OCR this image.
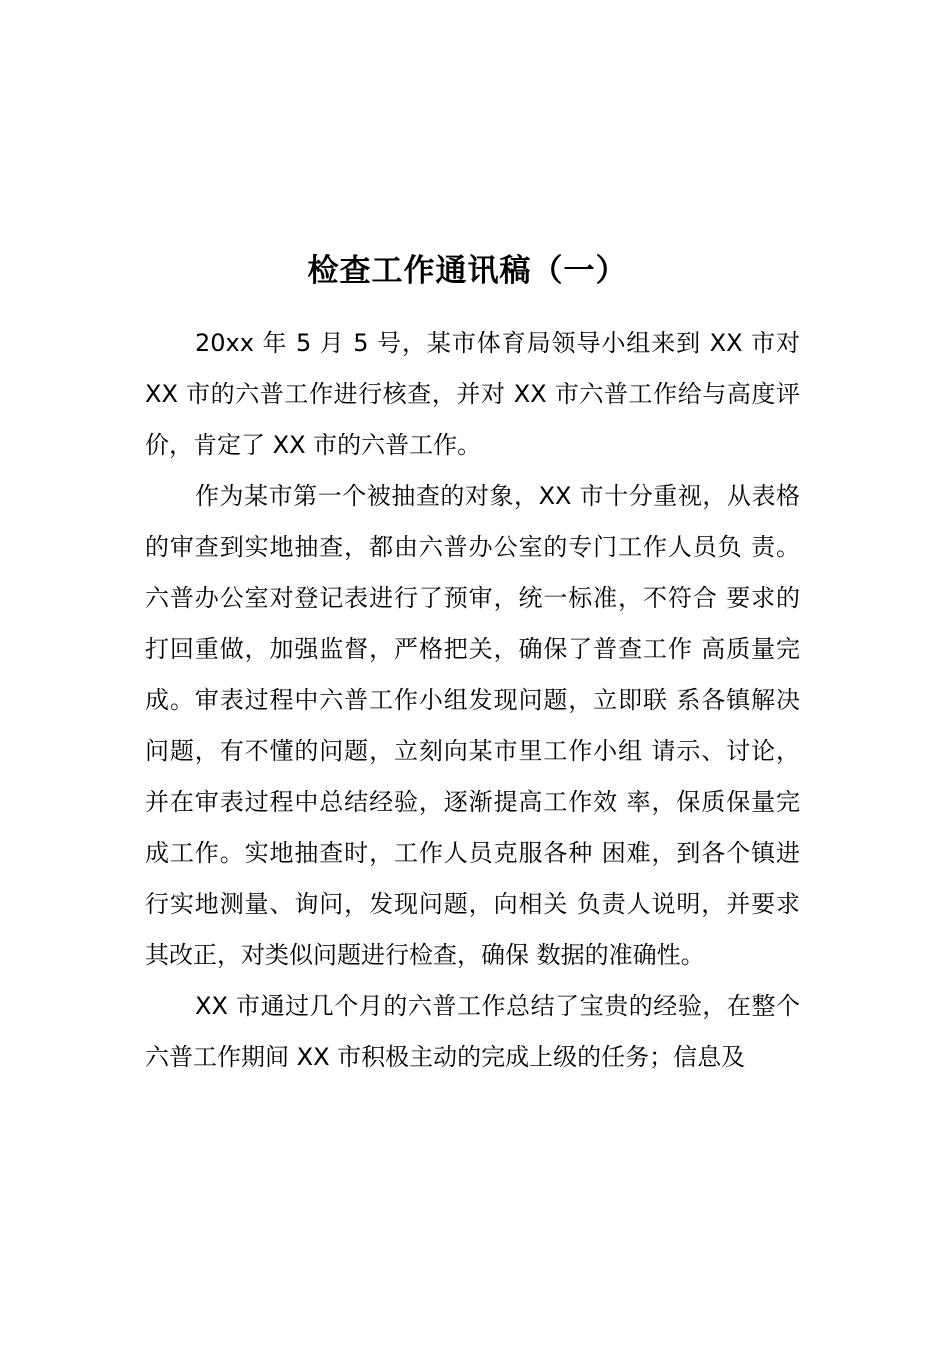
检查工作通讯稿（一）

20xx 年 5 月 5 号，某市体育局领导小组来到 XX 市对 XX 市的六普工作进行核查，并对 XX 市六普工作给与高度评价，肯定了 XX 市的六普工作。

作为某市第一个被抽查的对象，XX 市十分重视，从表格的审查到实地抽查，都由六普办公室的专门工作人员负 责。六普办公室对登记表进行了预审，统一标准，不符合 要求的打回重做，加强监督，严格把关，确保了普查工作 高质量完成。审表过程中六普工作小组发现问题，立即联 系各镇解决问题，有不懂的问题，立刻向某市里工作小组 请示、讨论，并在审表过程中总结经验，逐渐提高工作效 率，保质保量完成工作。实地抽查时，工作人员克服各种 困难，到各个镇进行实地测量、询问，发现问题，向相关 负责人说明，并要求其改正，对类似问题进行检查，确保 数据的准确性。

XX 市通过几个月的六普工作总结了宝贵的经验，在整个六普工作期间 XX 市积极主动的完成上级的任务；信息及
